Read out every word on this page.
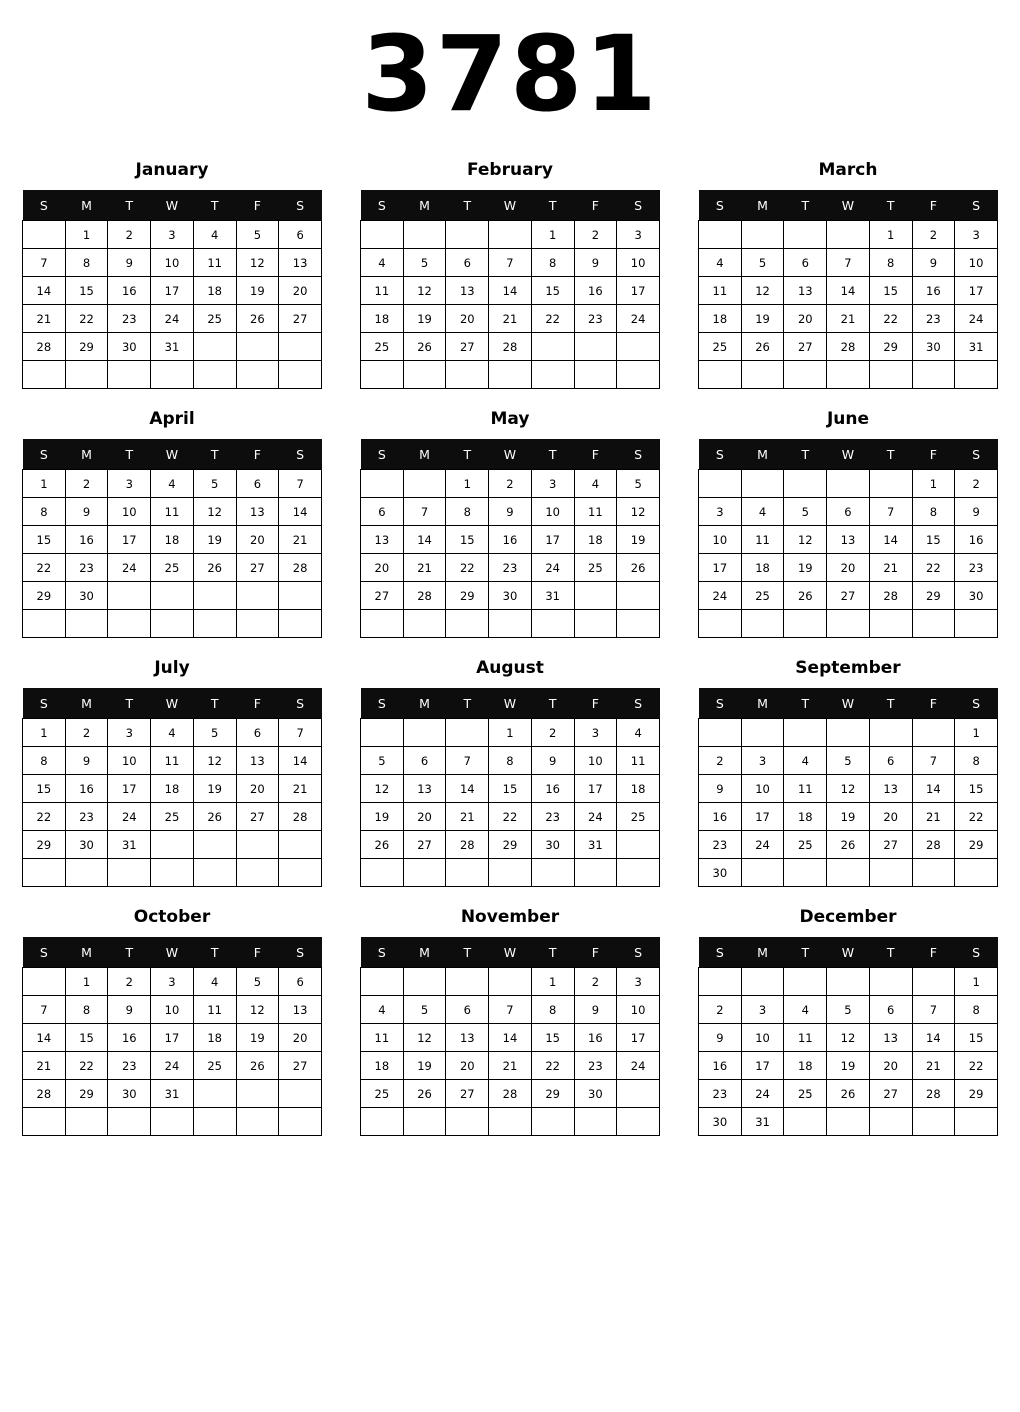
3781
January
S	M	T	W	T	F	S
	1	2	3	4	5	6
7	8	9	10	11	12	13
14	15	16	17	18	19	20
21	22	23	24	25	26	27
28	29	30	31			

February
S	M	T	W	T	F	S
				1	2	3
4	5	6	7	8	9	10
11	12	13	14	15	16	17
18	19	20	21	22	23	24
25	26	27	28			

March
S	M	T	W	T	F	S
				1	2	3
4	5	6	7	8	9	10
11	12	13	14	15	16	17
18	19	20	21	22	23	24
25	26	27	28	29	30	31

April
S	M	T	W	T	F	S
1	2	3	4	5	6	7
8	9	10	11	12	13	14
15	16	17	18	19	20	21
22	23	24	25	26	27	28
29	30					

May
S	M	T	W	T	F	S
		1	2	3	4	5
6	7	8	9	10	11	12
13	14	15	16	17	18	19
20	21	22	23	24	25	26
27	28	29	30	31		

June
S	M	T	W	T	F	S
					1	2
3	4	5	6	7	8	9
10	11	12	13	14	15	16
17	18	19	20	21	22	23
24	25	26	27	28	29	30

July
S	M	T	W	T	F	S
1	2	3	4	5	6	7
8	9	10	11	12	13	14
15	16	17	18	19	20	21
22	23	24	25	26	27	28
29	30	31				

August
S	M	T	W	T	F	S
			1	2	3	4
5	6	7	8	9	10	11
12	13	14	15	16	17	18
19	20	21	22	23	24	25
26	27	28	29	30	31	

September
S	M	T	W	T	F	S
						1
2	3	4	5	6	7	8
9	10	11	12	13	14	15
16	17	18	19	20	21	22
23	24	25	26	27	28	29
30						
October
S	M	T	W	T	F	S
	1	2	3	4	5	6
7	8	9	10	11	12	13
14	15	16	17	18	19	20
21	22	23	24	25	26	27
28	29	30	31			

November
S	M	T	W	T	F	S
				1	2	3
4	5	6	7	8	9	10
11	12	13	14	15	16	17
18	19	20	21	22	23	24
25	26	27	28	29	30	

December
S	M	T	W	T	F	S
						1
2	3	4	5	6	7	8
9	10	11	12	13	14	15
16	17	18	19	20	21	22
23	24	25	26	27	28	29
30	31					
